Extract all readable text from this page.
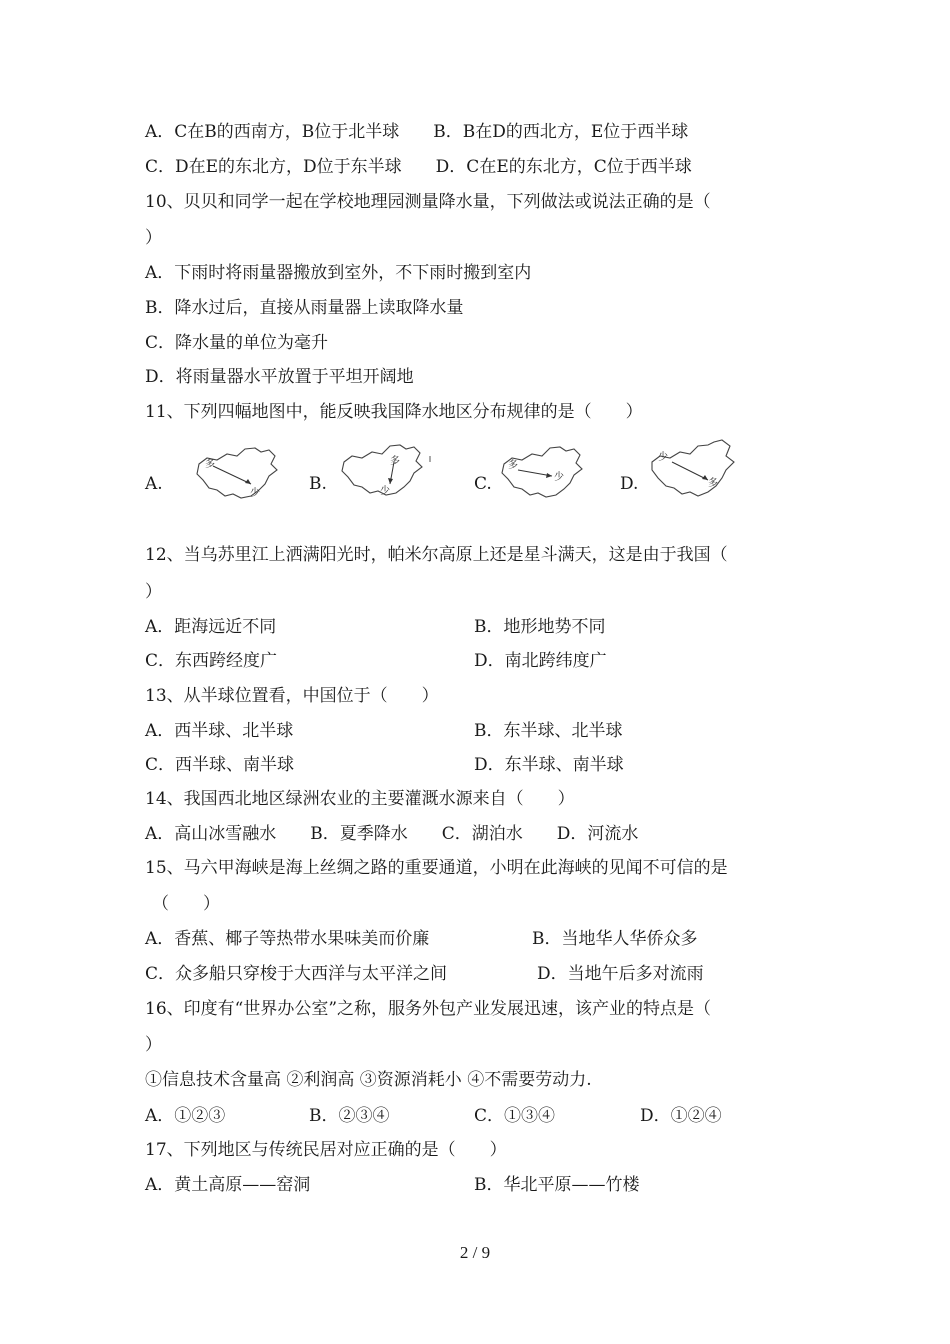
A．C在B的西南方，B位于北半球　　B．B在D的西北方，E位于西半球
C．D在E的东北方，D位于东半球　　D．C在E的东北方，C位于西半球
10、贝贝和同学一起在学校地理园测量降水量，下列做法或说法正确的是（
）
A．下雨时将雨量器搬放到室外，不下雨时搬到室内
B．降水过后，直接从雨量器上读取降水量
C．降水量的单位为毫升
D．将雨量器水平放置于平坦开阔地
11、下列四幅地图中，能反映我国降水地区分布规律的是（　　）
A.
多
少	B.
多
少	C.
多
少	D.
少
多
12、当乌苏里江上洒满阳光时，帕米尔高原上还是星斗满天，这是由于我国（
）
A．距海远近不同	B．地形地势不同
C．东西跨经度广	D．南北跨纬度广
13、从半球位置看，中国位于（　　）
A．西半球、北半球	B．东半球、北半球
C．西半球、南半球	D．东半球、南半球
14、我国西北地区绿洲农业的主要灌溉水源来自（　　）
A．高山冰雪融水　　B．夏季降水　　C．湖泊水　　D．河流水
15、马六甲海峡是海上丝绸之路的重要通道，小明在此海峡的见闻不可信的是
（　　）
A．香蕉、椰子等热带水果味美而价廉	B．当地华人华侨众多
C．众多船只穿梭于大西洋与太平洋之间	D．当地午后多对流雨
16、印度有“世界办公室”之称，服务外包产业发展迅速，该产业的特点是（
）
①信息技术含量高 ②利润高 ③资源消耗小 ④不需要劳动力.
A．①②③	B．②③④	C．①③④	D．①②④
17、下列地区与传统民居对应正确的是（　　）
A．黄土高原——窑洞	B．华北平原——竹楼
2 / 9
